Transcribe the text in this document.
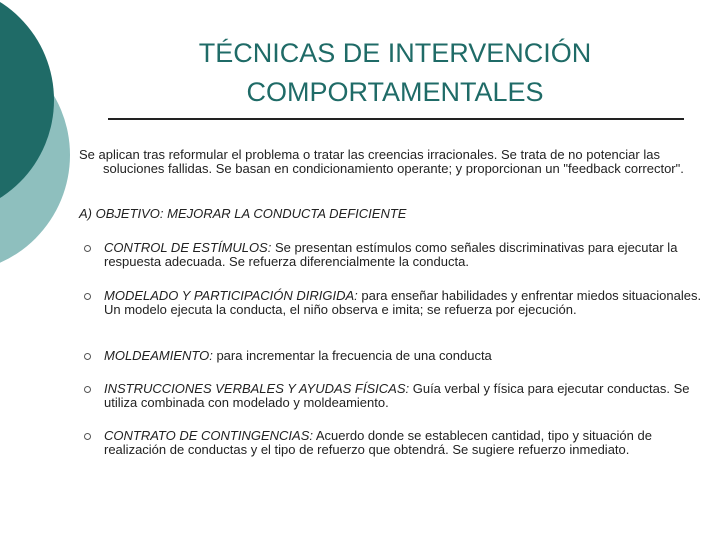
TÉCNICAS DE INTERVENCIÓN
COMPORTAMENTALES
Se aplican tras reformular el problema o tratar las creencias irracionales. Se trata de no potenciar las soluciones fallidas. Se basan en condicionamiento operante; y proporcionan un "feedback corrector".
A) OBJETIVO: MEJORAR LA CONDUCTA DEFICIENTE
CONTROL DE ESTÍMULOS: Se presentan estímulos como señales discriminativas para ejecutar la respuesta adecuada. Se refuerza diferencialmente la conducta.
MODELADO Y PARTICIPACIÓN DIRIGIDA: para enseñar habilidades y enfrentar miedos situacionales. Un modelo ejecuta la conducta, el niño observa e imita; se refuerza por ejecución.
MOLDEAMIENTO: para incrementar la frecuencia de una conducta
INSTRUCCIONES VERBALES Y AYUDAS FÍSICAS: Guía verbal y física para ejecutar conductas. Se utiliza combinada con modelado y moldeamiento.
CONTRATO DE CONTINGENCIAS: Acuerdo donde se establecen cantidad, tipo y situación de realización de conductas y el tipo de refuerzo que obtendrá. Se sugiere refuerzo inmediato.
